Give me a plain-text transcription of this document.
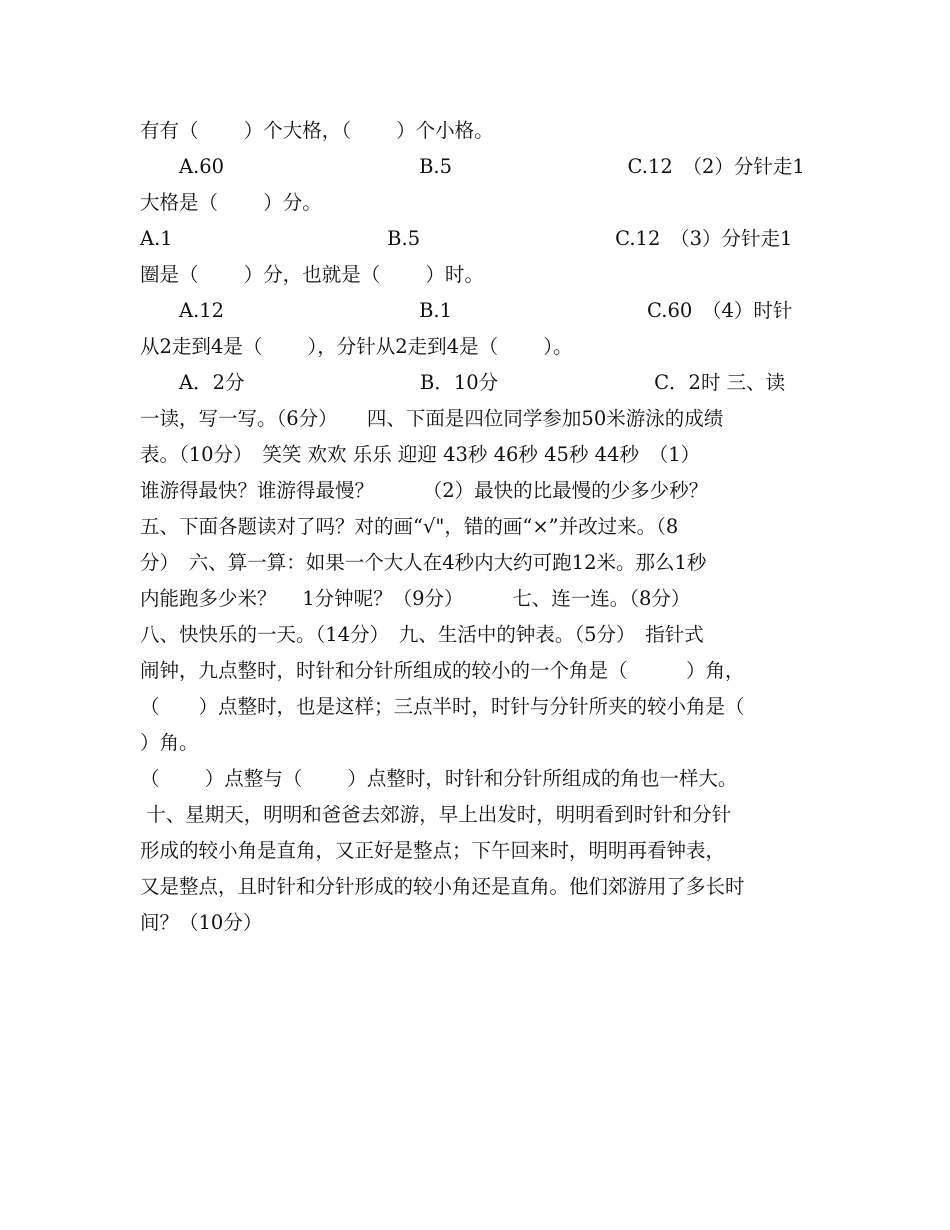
有有（　　 ）个大格，（　　 ）个小格。
　　A.60　　　　　　　　　　B.5　　　　　　　　　C.12　（2）分针走1
大格是（　　 ）分。
A.1　　　　　　　　　　　B.5　　　　　　　　　　C.12　（3）分针走1
圈是（　　 ）分，也就是（　　 ）时。
　　A.12　　　　　　　　　　B.1　　　　　　　　　　C.60　（4）时针
从2走到4是（　　 ），分针从2走到4是（　　 ）。
　　A．2分　　　　　　　　　B．10分　　　　　　　　C．2时 三、读
一读，写一写。（6分）　　四、下面是四位同学参加50米游泳的成绩
表。（10分）　笑笑 欢欢 乐乐 迎迎 43秒 46秒 45秒 44秒　（1）
谁游得最快？谁游得最慢？　　　（2）最快的比最慢的少多少秒？
五、下面各题读对了吗？对的画“√"，错的画“×”并改过来。（8
分）　六、算一算：如果一个大人在4秒内大约可跑12米。那么1秒
内能跑多少米？　 1分钟呢？（9分）　　　七、连一连。（8分）
八、快快乐的一天。（14分）　九、生活中的钟表。（5分）　指针式
闹钟，九点整时，时针和分针所组成的较小的一个角是（　　　）角，
（　　）点整时，也是这样；三点半时，时针与分针所夹的较小角是（
）角。
（　　 ）点整与（　　 ）点整时，时针和分针所组成的角也一样大。
十、星期天，明明和爸爸去郊游，早上出发时，明明看到时针和分针
形成的较小角是直角，又正好是整点；下午回来时，明明再看钟表，
又是整点，且时针和分针形成的较小角还是直角。他们郊游用了多长时
间？（10分）
